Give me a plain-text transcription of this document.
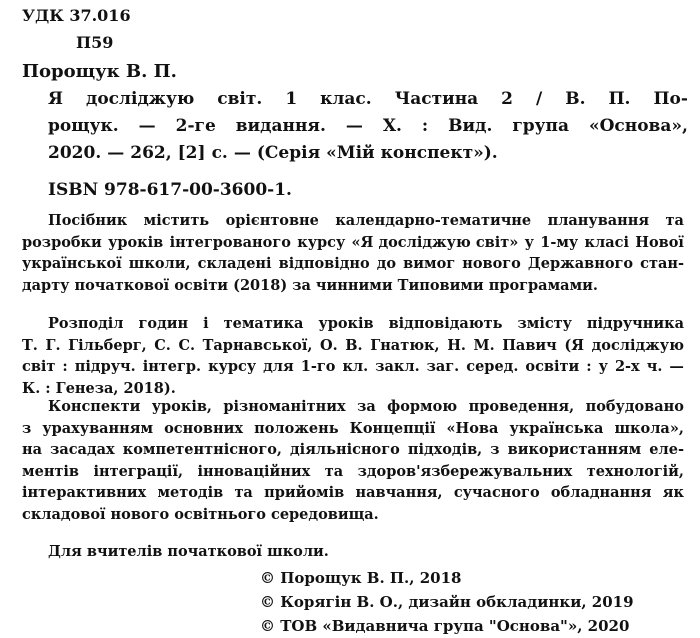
УДК 37.016
П59
Порощук В. П.
Я досліджую світ. 1 клас. Частина 2 / В. П. По-
рощук. — 2-ге видання. — Х. : Вид. група «Основа»,
2020. — 262, [2] с. — (Серія «Мій конспект»).
ISBN 978-617-00-3600-1.
Посібник містить орієнтовне календарно-тематичне планування та
розробки уроків інтегрованого курсу «Я досліджую світ» у 1-му класі Нової
української школи, складені відповідно до вимог нового Державного стан-
дарту початкової освіти (2018) за чинними Типовими програмами.
Розподіл годин і тематика уроків відповідають змісту підручника
Т. Г. Гільберг, С. С. Тарнавської, О. В. Гнатюк, Н. М. Павич (Я досліджую
світ : підруч. інтегр. курсу для 1-го кл. закл. заг. серед. освіти : у 2-х ч. —
К. : Генеза, 2018).
Конспекти уроків, різноманітних за формою проведення, побудовано
з урахуванням основних положень Концепції «Нова українська школа»,
на засадах компетентнісного, діяльнісного підходів, з використанням еле-
ментів інтеграції, інноваційних та здоров'язбережувальних технологій,
інтерактивних методів та прийомів навчання, сучасного обладнання як
складової нового освітнього середовища.
Для вчителів початкової школи.
© Порощук В. П., 2018
© Корягін В. О., дизайн обкладинки, 2019
© ТОВ «Видавнича група "Основа"», 2020
